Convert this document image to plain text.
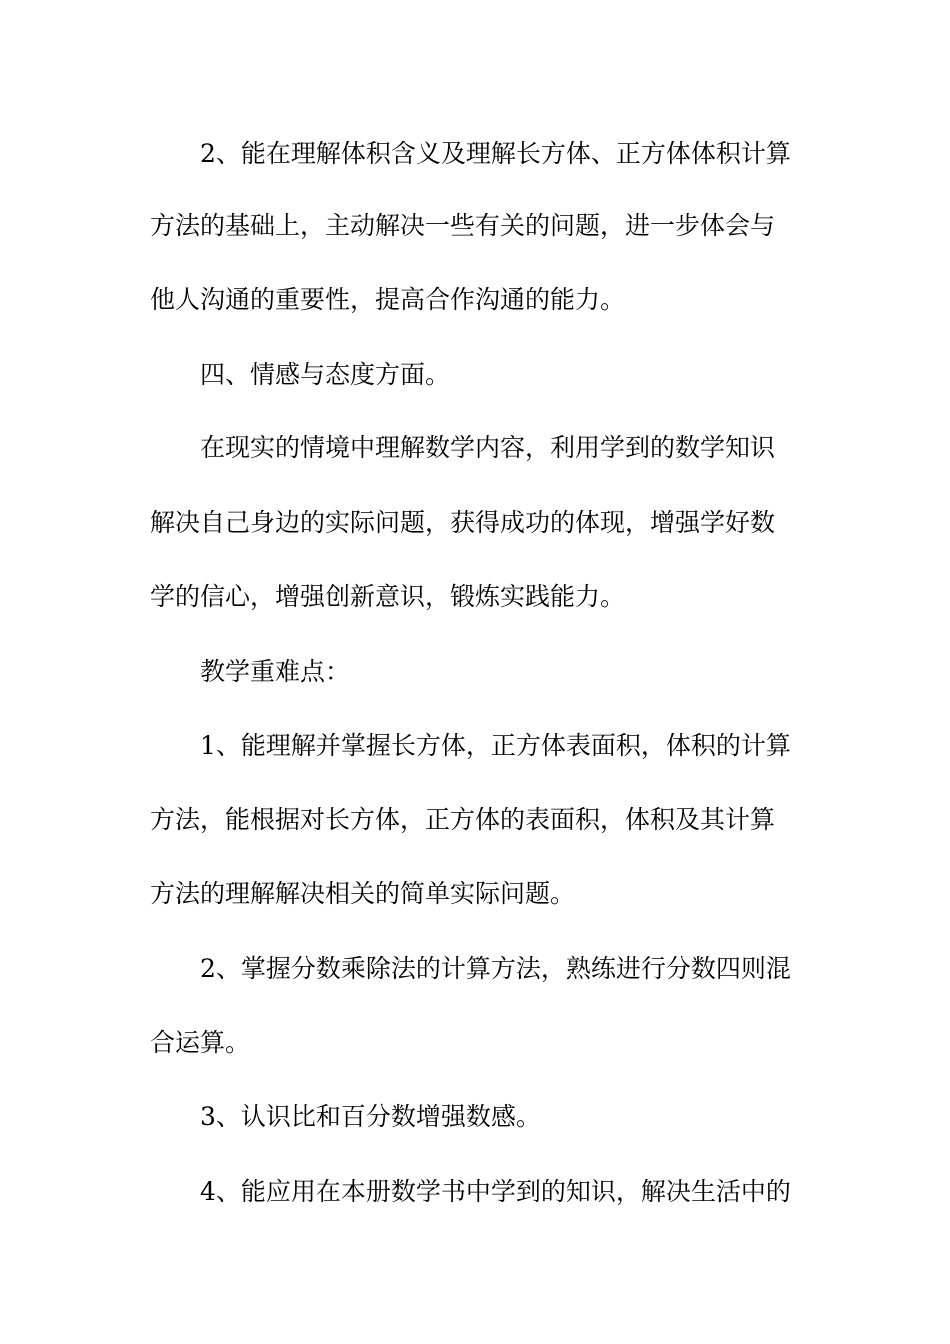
2、能在理解体积含义及理解长方体、正方体体积计算
方法的基础上，主动解决一些有关的问题，进一步体会与
他人沟通的重要性，提高合作沟通的能力。
四、情感与态度方面。
在现实的情境中理解数学内容，利用学到的数学知识
解决自己身边的实际问题，获得成功的体现，增强学好数
学的信心，增强创新意识，锻炼实践能力。
教学重难点：
1、能理解并掌握长方体，正方体表面积，体积的计算
方法，能根据对长方体，正方体的表面积，体积及其计算
方法的理解解决相关的简单实际问题。
2、掌握分数乘除法的计算方法，熟练进行分数四则混
合运算。
3、认识比和百分数增强数感。
4、能应用在本册数学书中学到的知识，解决生活中的
